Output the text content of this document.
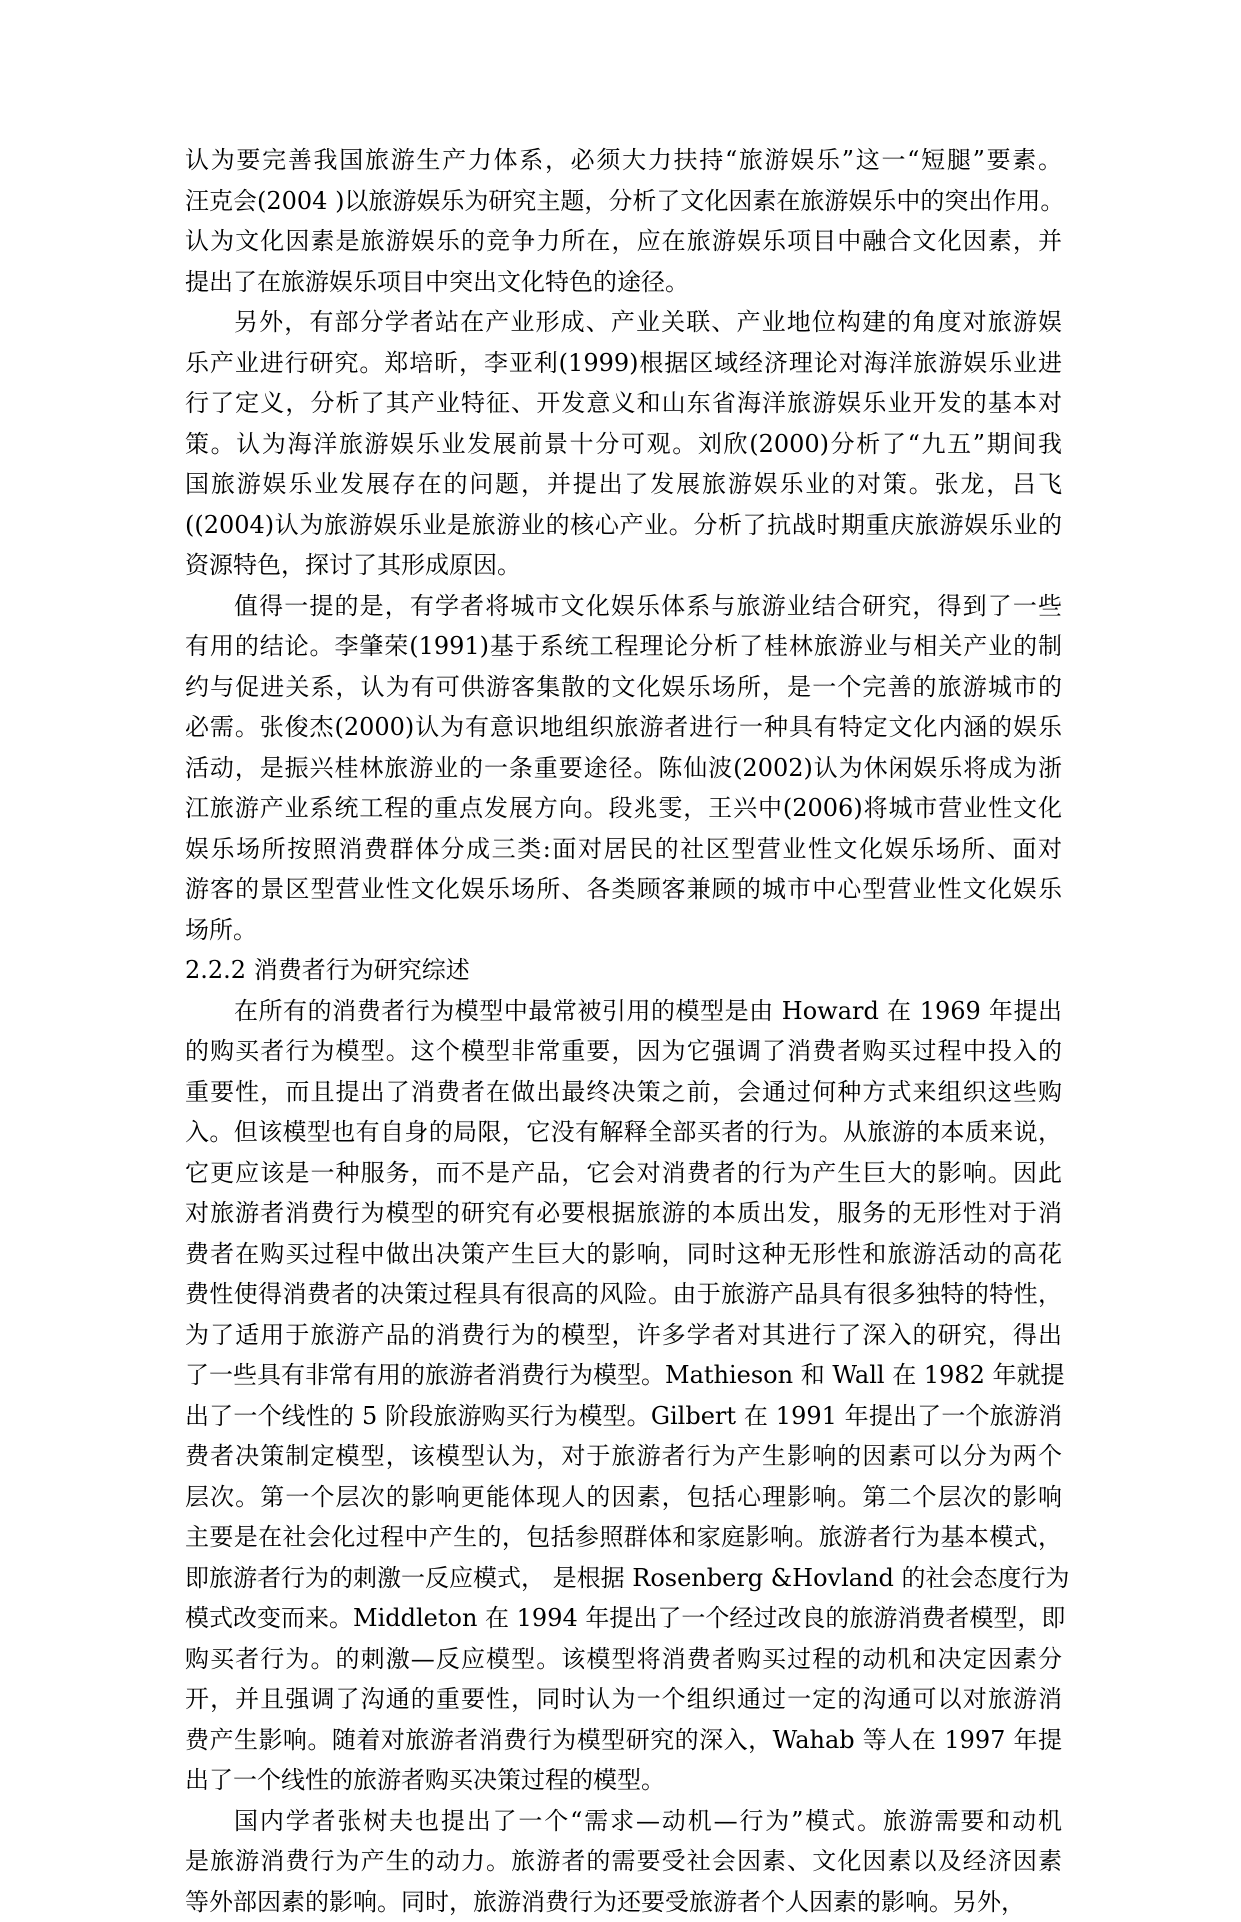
认为要完善我国旅游生产力体系，必须大力扶持“旅游娱乐”这一“短腿”要素。
汪克会(2004 )以旅游娱乐为研究主题，分析了文化因素在旅游娱乐中的突出作用。
认为文化因素是旅游娱乐的竞争力所在，应在旅游娱乐项目中融合文化因素，并
提出了在旅游娱乐项目中突出文化特色的途径。
另外，有部分学者站在产业形成、产业关联、产业地位构建的角度对旅游娱
乐产业进行研究。郑培昕，李亚利(1999)根据区域经济理论对海洋旅游娱乐业进
行了定义，分析了其产业特征、开发意义和山东省海洋旅游娱乐业开发的基本对
策。认为海洋旅游娱乐业发展前景十分可观。刘欣(2000)分析了“九五”期间我
国旅游娱乐业发展存在的问题，并提出了发展旅游娱乐业的对策。张龙，吕飞
((2004)认为旅游娱乐业是旅游业的核心产业。分析了抗战时期重庆旅游娱乐业的
资源特色，探讨了其形成原因。
值得一提的是，有学者将城市文化娱乐体系与旅游业结合研究，得到了一些
有用的结论。李肇荣(1991)基于系统工程理论分析了桂林旅游业与相关产业的制
约与促进关系，认为有可供游客集散的文化娱乐场所，是一个完善的旅游城市的
必需。张俊杰(2000)认为有意识地组织旅游者进行一种具有特定文化内涵的娱乐
活动，是振兴桂林旅游业的一条重要途径。陈仙波(2002)认为休闲娱乐将成为浙
江旅游产业系统工程的重点发展方向。段兆雯，王兴中(2006)将城市营业性文化
娱乐场所按照消费群体分成三类:面对居民的社区型营业性文化娱乐场所、面对
游客的景区型营业性文化娱乐场所、各类顾客兼顾的城市中心型营业性文化娱乐
场所。
2.2.2 消费者行为研究综述
在所有的消费者行为模型中最常被引用的模型是由 Howard 在 1969 年提出
的购买者行为模型。这个模型非常重要，因为它强调了消费者购买过程中投入的
重要性，而且提出了消费者在做出最终决策之前，会通过何种方式来组织这些购
入。但该模型也有自身的局限，它没有解释全部买者的行为。从旅游的本质来说，
它更应该是一种服务，而不是产品，它会对消费者的行为产生巨大的影响。因此
对旅游者消费行为模型的研究有必要根据旅游的本质出发，服务的无形性对于消
费者在购买过程中做出决策产生巨大的影响，同时这种无形性和旅游活动的高花
费性使得消费者的决策过程具有很高的风险。由于旅游产品具有很多独特的特性，
为了适用于旅游产品的消费行为的模型，许多学者对其进行了深入的研究，得出
了一些具有非常有用的旅游者消费行为模型。Mathieson 和 Wall 在 1982 年就提
出了一个线性的 5 阶段旅游购买行为模型。Gilbert 在 1991 年提出了一个旅游消
费者决策制定模型，该模型认为，对于旅游者行为产生影响的因素可以分为两个
层次。第一个层次的影响更能体现人的因素，包括心理影响。第二个层次的影响
主要是在社会化过程中产生的，包括参照群体和家庭影响。旅游者行为基本模式，
即旅游者行为的刺激一反应模式， 是根据 Rosenberg &Hovland 的社会态度行为
模式改变而来。Middleton 在 1994 年提出了一个经过改良的旅游消费者模型，即
购买者行为。的刺激—反应模型。该模型将消费者购买过程的动机和决定因素分
开，并且强调了沟通的重要性，同时认为一个组织通过一定的沟通可以对旅游消
费产生影响。随着对旅游者消费行为模型研究的深入，Wahab 等人在 1997 年提
出了一个线性的旅游者购买决策过程的模型。
国内学者张树夫也提出了一个“需求—动机—行为”模式。旅游需要和动机
是旅游消费行为产生的动力。旅游者的需要受社会因素、文化因素以及经济因素
等外部因素的影响。同时，旅游消费行为还要受旅游者个人因素的影响。另外，
